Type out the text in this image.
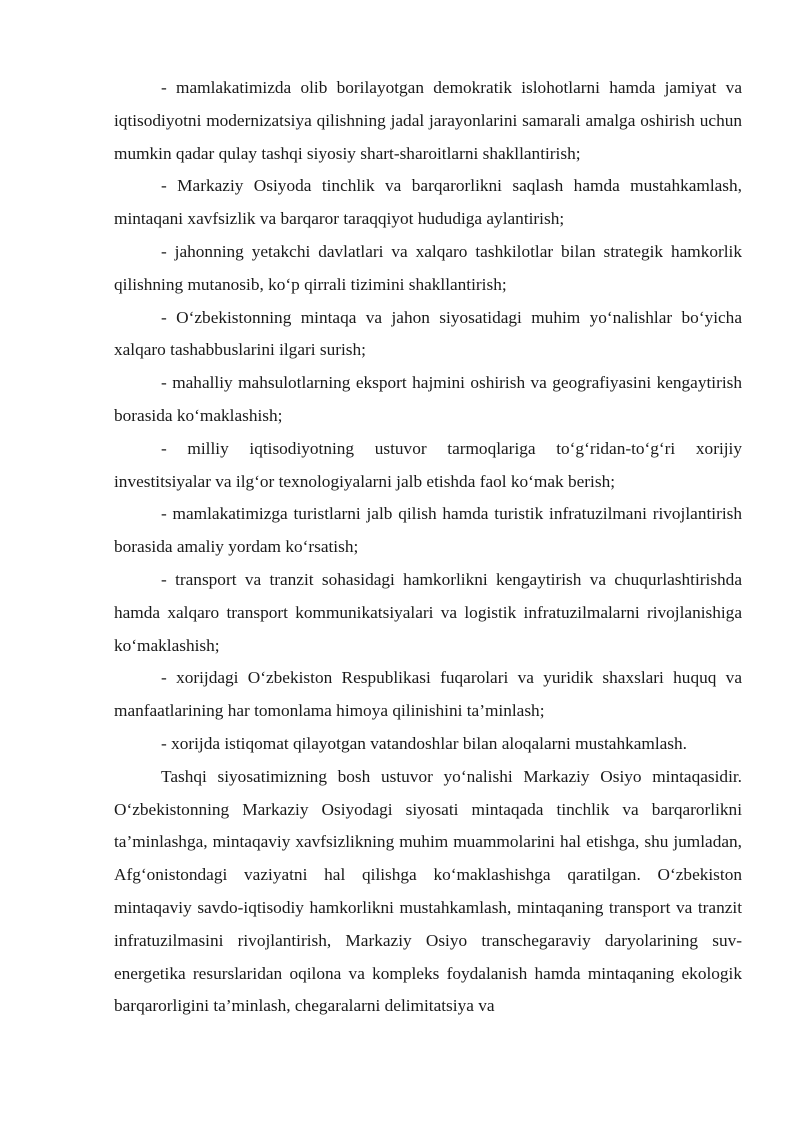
- mamlakatimizda olib borilayotgan demokratik islohotlarni hamda jamiyat va iqtisodiyotni modernizatsiya qilishning jadal jarayonlarini samarali amalga oshirish uchun mumkin qadar qulay tashqi siyosiy shart-sharoitlarni shakllantirish;

- Markaziy Osiyoda tinchlik va barqarorlikni saqlash hamda mustahkamlash, mintaqani xavfsizlik va barqaror taraqqiyot hududiga aylantirish;

- jahonning yetakchi davlatlari va xalqaro tashkilotlar bilan strategik hamkorlik qilishning mutanosib, ko‘p qirrali tizimini shakllantirish;

- O‘zbekistonning mintaqa va jahon siyosatidagi muhim yo‘nalishlar bo‘yicha xalqaro tashabbuslarini ilgari surish;

- mahalliy mahsulotlarning eksport hajmini oshirish va geografiyasini kengaytirish borasida ko‘maklashish;

- milliy iqtisodiyotning ustuvor tarmoqlariga to‘g‘ridan-to‘g‘ri xorijiy investitsiyalar va ilg‘or texnologiyalarni jalb etishda faol ko‘mak berish;

- mamlakatimizga turistlarni jalb qilish hamda turistik infratuzilmani rivojlantirish borasida amaliy yordam ko‘rsatish;

- transport va tranzit sohasidagi hamkorlikni kengaytirish va chuqurlashtirishda hamda xalqaro transport kommunikatsiyalari va logistik infratuzilmalarni rivojlanishiga ko‘maklashish;

- xorijdagi O‘zbekiston Respublikasi fuqarolari va yuridik shaxslari huquq va manfaatlarining har tomonlama himoya qilinishini ta’minlash;

- xorijda istiqomat qilayotgan vatandoshlar bilan aloqalarni mustahkamlash.

Tashqi siyosatimizning bosh ustuvor yo‘nalishi Markaziy Osiyo mintaqasidir. O‘zbekistonning Markaziy Osiyodagi siyosati mintaqada tinchlik va barqarorlikni ta’minlashga, mintaqaviy xavfsizlikning muhim muammolarini hal etishga, shu jumladan, Afg‘onistondagi vaziyatni hal qilishga ko‘maklashishga qaratilgan. O‘zbekiston mintaqaviy savdo-iqtisodiy hamkorlikni mustahkamlash, mintaqaning transport va tranzit infratuzilmasini rivojlantirish, Markaziy Osiyo transchegaraviy daryolarining suv-energetika resurslaridan oqilona va kompleks foydalanish hamda mintaqaning ekologik barqarorligini ta’minlash, chegaralarni delimitatsiya va
